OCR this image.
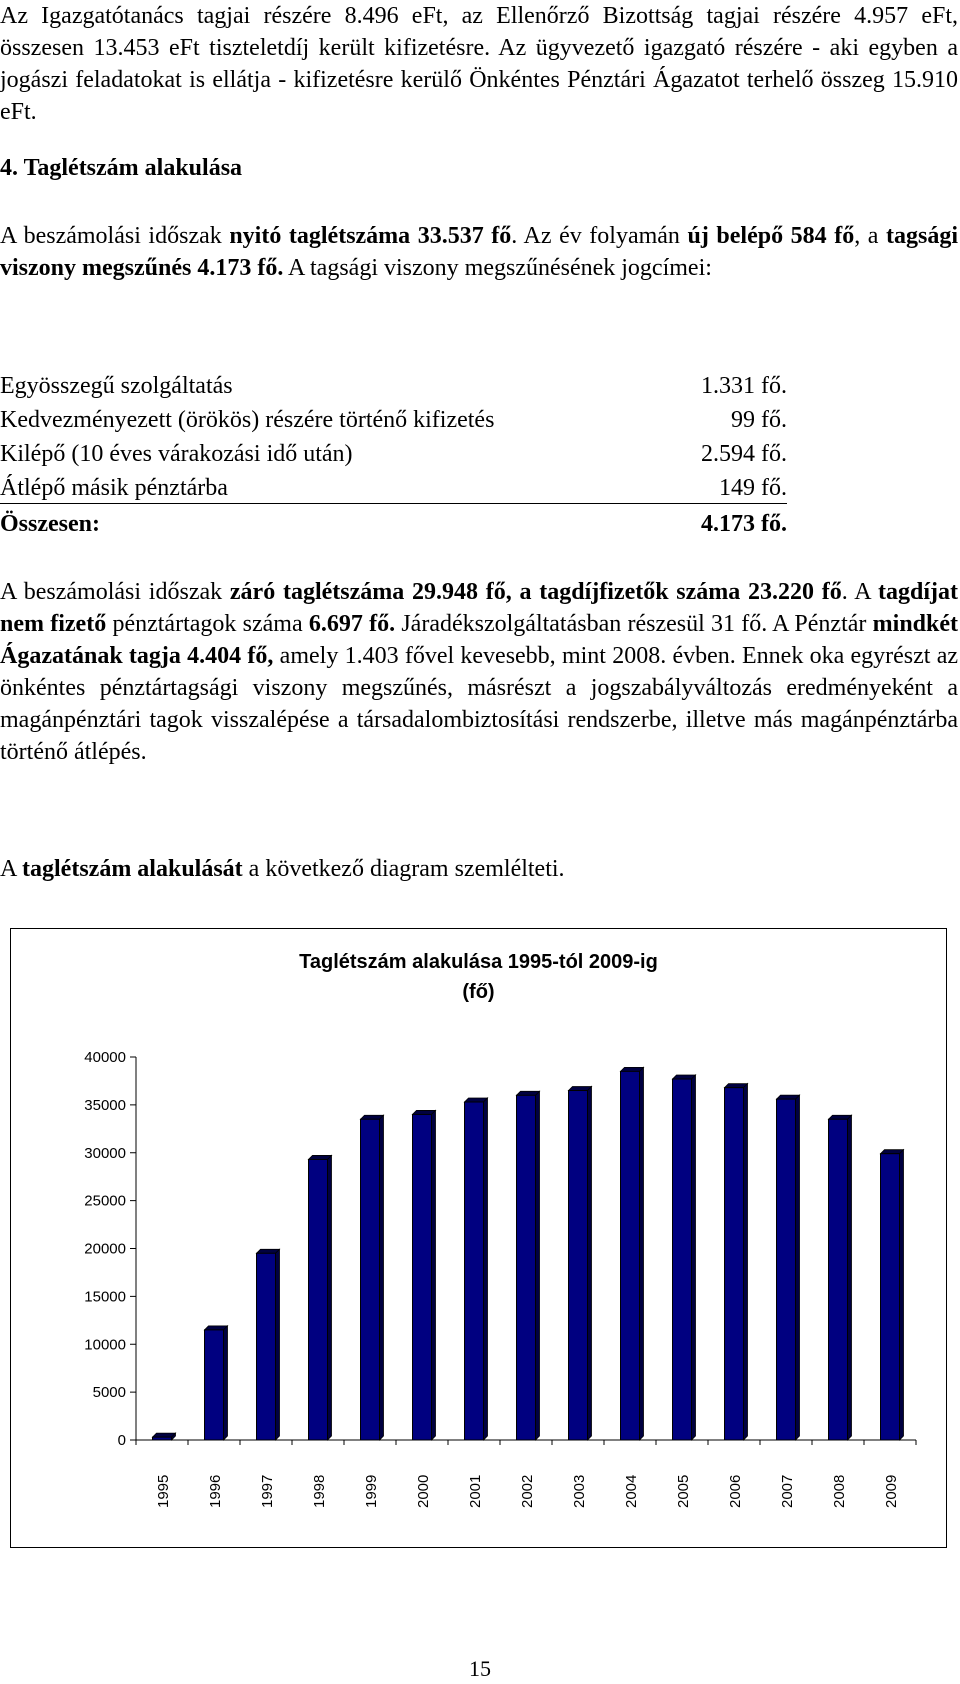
Az Igazgatótanács tagjai részére 8.496 eFt, az Ellenőrző Bizottság tagjai részére 4.957 eFt, összesen 13.453 eFt tiszteletdíj került kifizetésre. Az ügyvezető igazgató részére - aki egyben a jogászi feladatokat is ellátja - kifizetésre kerülő Önkéntes Pénztári Ágazatot terhelő összeg 15.910 eFt.

4. Taglétszám alakulása

A beszámolási időszak nyitó taglétszáma 33.537 fő. Az év folyamán új belépő 584 fő, a tagsági viszony megszűnés 4.173 fő. A tagsági viszony megszűnésének jogcímei:

Egyösszegű szolgáltatás	1.331 fő.
Kedvezményezett (örökös) részére történő kifizetés	99 fő.
Kilépő (10 éves várakozási idő után)	2.594 fő.
Átlépő másik pénztárba	149 fő.
Összesen:	4.173 fő.

A beszámolási időszak záró taglétszáma 29.948 fő, a tagdíjfizetők száma 23.220 fő. A tagdíjat nem fizető pénztártagok száma 6.697 fő. Járadékszolgáltatásban részesül 31 fő. A Pénztár mindkét Ágazatának tagja 4.404 fő, amely 1.403 fővel kevesebb, mint 2008. évben. Ennek oka egyrészt az önkéntes pénztártagsági viszony megszűnés, másrészt a jogszabályváltozás eredményeként a magánpénztári tagok visszalépése a társadalombiztosítási rendszerbe, illetve más magánpénztárba történő átlépés.

A taglétszám alakulását a következő diagram szemlélteti.

Taglétszám alakulása 1995-tól 2009-ig
(fő)
0
5000
10000
15000
20000
25000
30000
35000
40000
1995 1996 1997 1998 1999 2000 2001 2002 2003 2004 2005 2006 2007 2008 2009
15
